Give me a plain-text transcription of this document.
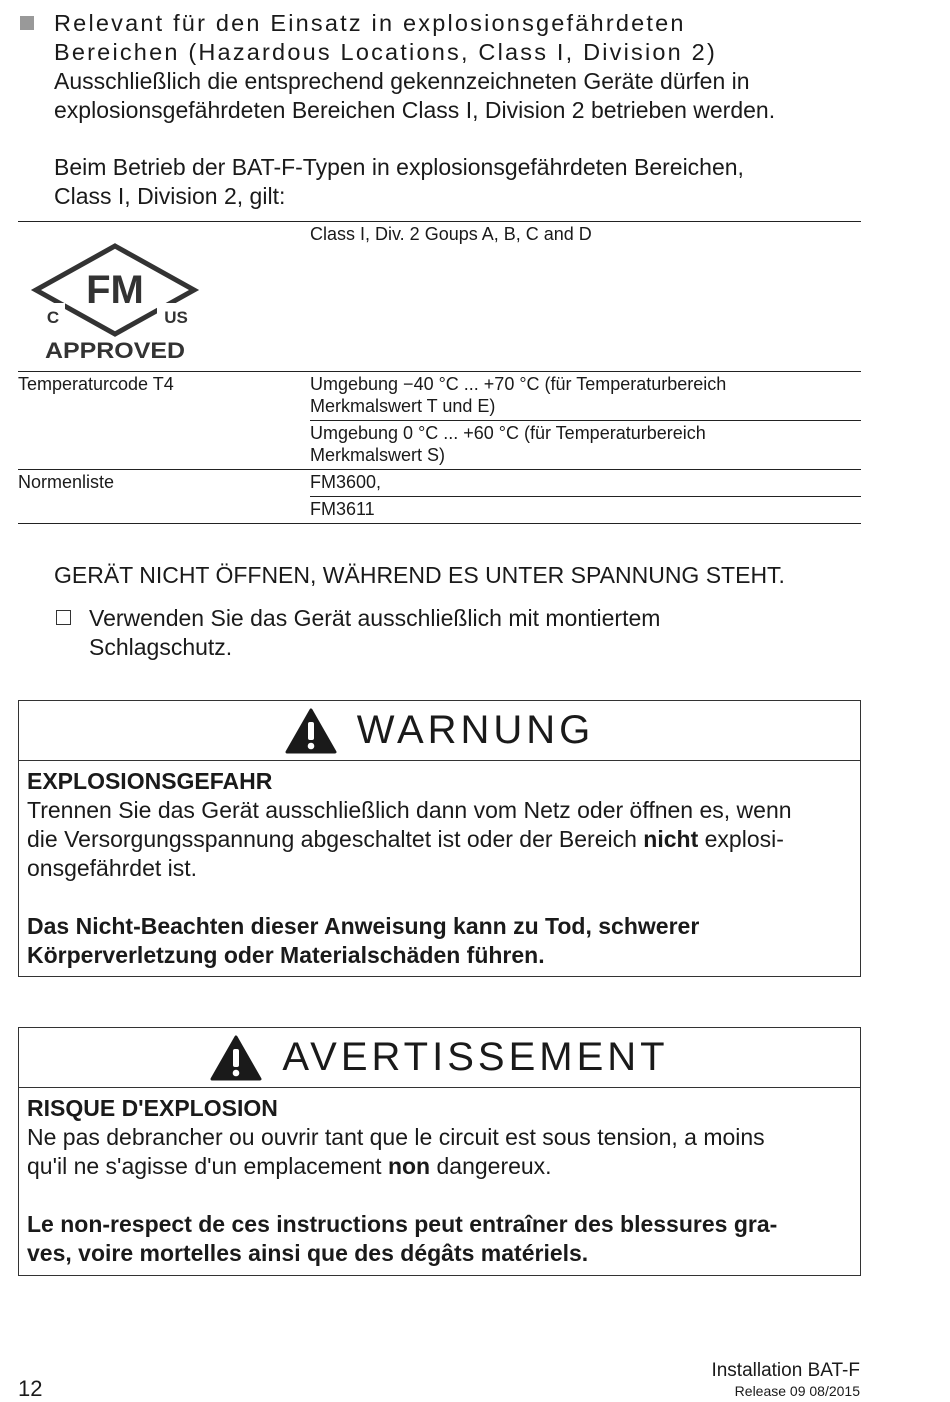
Relevant für den Einsatz in explosionsgefährdeten
Bereichen (Hazardous Locations, Class I, Division 2)
Ausschließlich die entsprechend gekennzeichneten Geräte dürfen in
explosionsgefährdeten Bereichen Class I, Division 2 betrieben werden.
Beim Betrieb der BAT-F-Typen in explosionsgefährdeten Bereichen,
Class I, Division 2, gilt:
FM
C US
APPROVED	Class I, Div. 2 Goups A, B, C and D
Temperaturcode T4	Umgebung −40 °C ... +70 °C (für Temperaturbereich
Merkmalswert T und E)

	Umgebung 0 °C ... +60 °C (für Temperaturbereich
Merkmalswert S)

Normenliste	FM3600,
	FM3611
GERÄT NICHT ÖFFNEN, WÄHREND ES UNTER SPANNUNG STEHT.
Verwenden Sie das Gerät ausschließlich mit montiertem
Schlagschutz.
WARNUNG

EXPLOSIONSGEFAHR

Trennen Sie das Gerät ausschließlich dann vom Netz oder öffnen es, wenn

die Versorgungsspannung abgeschaltet ist oder der Bereich nicht explosi-

onsgefährdet ist.

Das Nicht-Beachten dieser Anweisung kann zu Tod, schwerer

Körperverletzung oder Materialschäden führen.

AVERTISSEMENT

RISQUE D'EXPLOSION

Ne pas debrancher ou ouvrir tant que le circuit est sous tension, a moins

qu'il ne s'agisse d'un emplacement non dangereux.

Le non-respect de ces instructions peut entraîner des blessures gra-

ves, voire mortelles ainsi que des dégâts matériels.

12
Installation BAT-F
Release 09 08/2015
